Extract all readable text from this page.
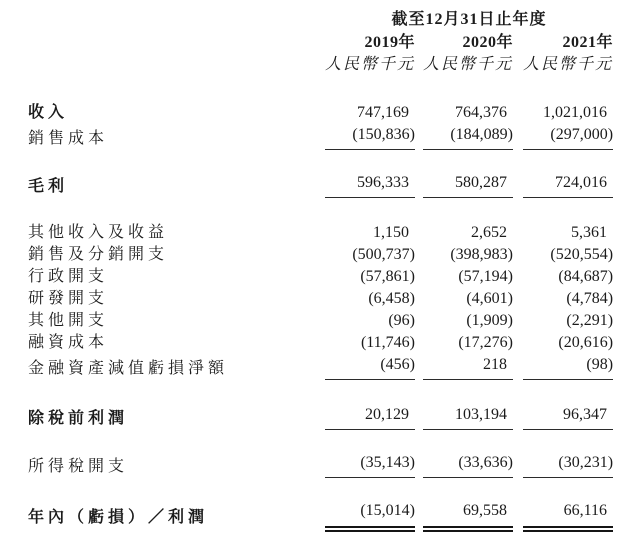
	截至12月31日止年度				
	2019年		2020年		2021年
	人民幣千元		人民幣千元		人民幣千元

收入	747,169		764,376		1,021,016
銷售成本	(150,836)		(184,089)		(297,000)

毛利	596,333		580,287		724,016

其他收入及收益	1,150		2,652		5,361
銷售及分銷開支	(500,737)		(398,983)		(520,554)
行政開支	(57,861)		(57,194)		(84,687)
研發開支	(6,458)		(4,601)		(4,784)
其他開支	(96)		(1,909)		(2,291)
融資成本	(11,746)		(17,276)		(20,616)
金融資產減值虧損淨額	(456)		218		(98)

除稅前利潤	20,129		103,194		96,347

所得稅開支	(35,143)		(33,636)		(30,231)

年內（虧損）／利潤	(15,014)		69,558		66,116
